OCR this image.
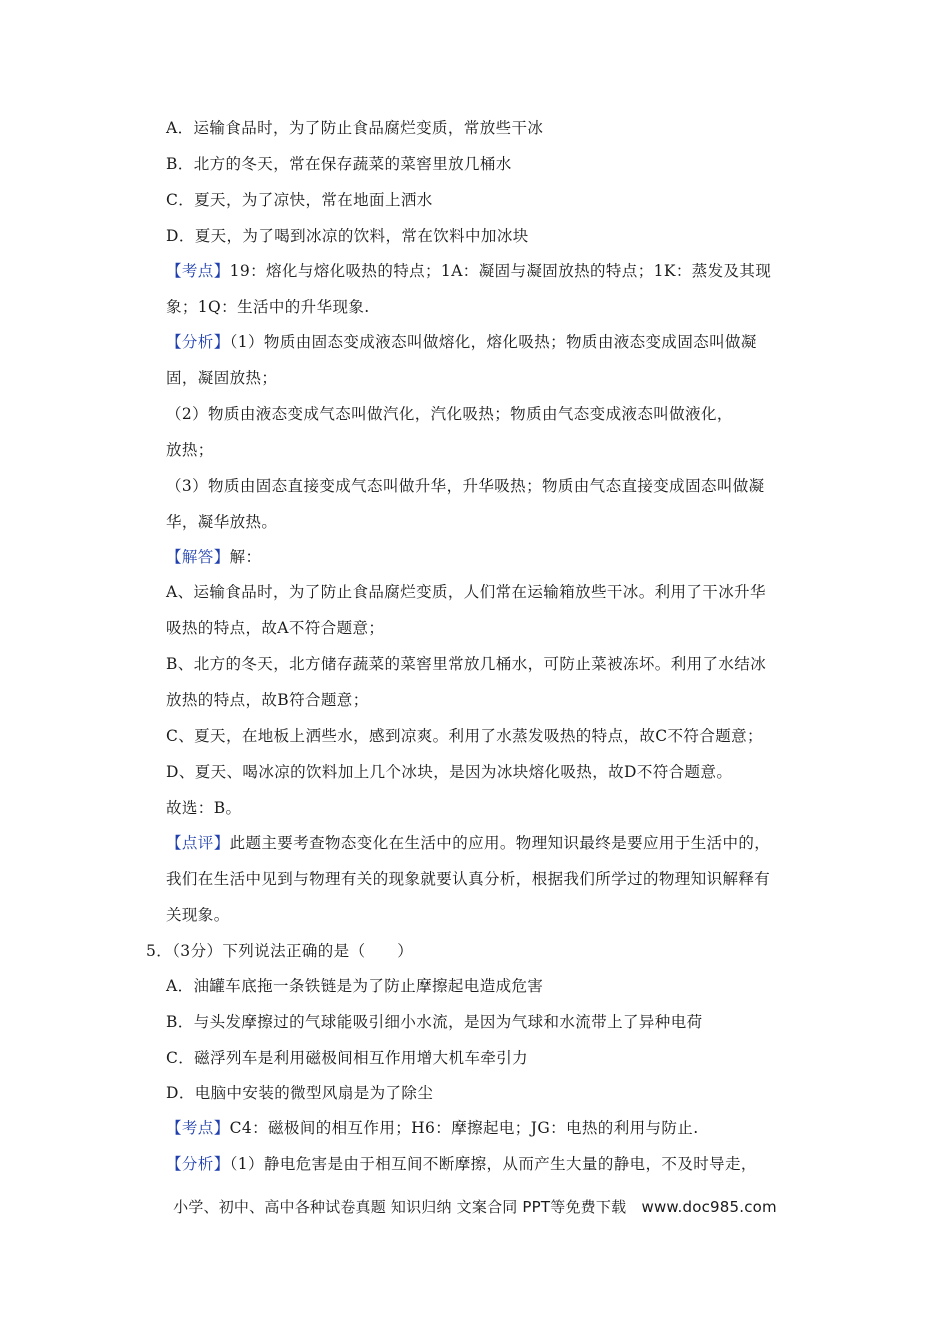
A．运输食品时，为了防止食品腐烂变质，常放些干冰
B．北方的冬天，常在保存蔬菜的菜窖里放几桶水
C．夏天，为了凉快，常在地面上洒水
D．夏天，为了喝到冰凉的饮料，常在饮料中加冰块
【考点】19：熔化与熔化吸热的特点；1A：凝固与凝固放热的特点；1K：蒸发及其现
象；1Q：生活中的升华现象.
【分析】（1）物质由固态变成液态叫做熔化，熔化吸热；物质由液态变成固态叫做凝
固，凝固放热；
（2）物质由液态变成气态叫做汽化，汽化吸热；物质由气态变成液态叫做液化，
放热；
（3）物质由固态直接变成气态叫做升华，升华吸热；物质由气态直接变成固态叫做凝
华，凝华放热。
【解答】解：
A、运输食品时，为了防止食品腐烂变质，人们常在运输箱放些干冰。利用了干冰升华
吸热的特点，故A不符合题意；
B、北方的冬天，北方储存蔬菜的菜窖里常放几桶水，可防止菜被冻坏。利用了水结冰
放热的特点，故B符合题意；
C、夏天，在地板上洒些水，感到凉爽。利用了水蒸发吸热的特点，故C不符合题意；
D、夏天、喝冰凉的饮料加上几个冰块，是因为冰块熔化吸热，故D不符合题意。
故选：B。
【点评】此题主要考查物态变化在生活中的应用。物理知识最终是要应用于生活中的，
我们在生活中见到与物理有关的现象就要认真分析，根据我们所学过的物理知识解释有
关现象。
5．（3分）下列说法正确的是（　　）
A．油罐车底拖一条铁链是为了防止摩擦起电造成危害
B．与头发摩擦过的气球能吸引细小水流，是因为气球和水流带上了异种电荷
C．磁浮列车是利用磁极间相互作用增大机车牵引力
D．电脑中安装的微型风扇是为了除尘
【考点】C4：磁极间的相互作用；H6：摩擦起电；JG：电热的利用与防止.
【分析】（1）静电危害是由于相互间不断摩擦，从而产生大量的静电，不及时导走，
小学、初中、高中各种试卷真题 知识归纳 文案合同 PPT等免费下载　www.doc985.com
